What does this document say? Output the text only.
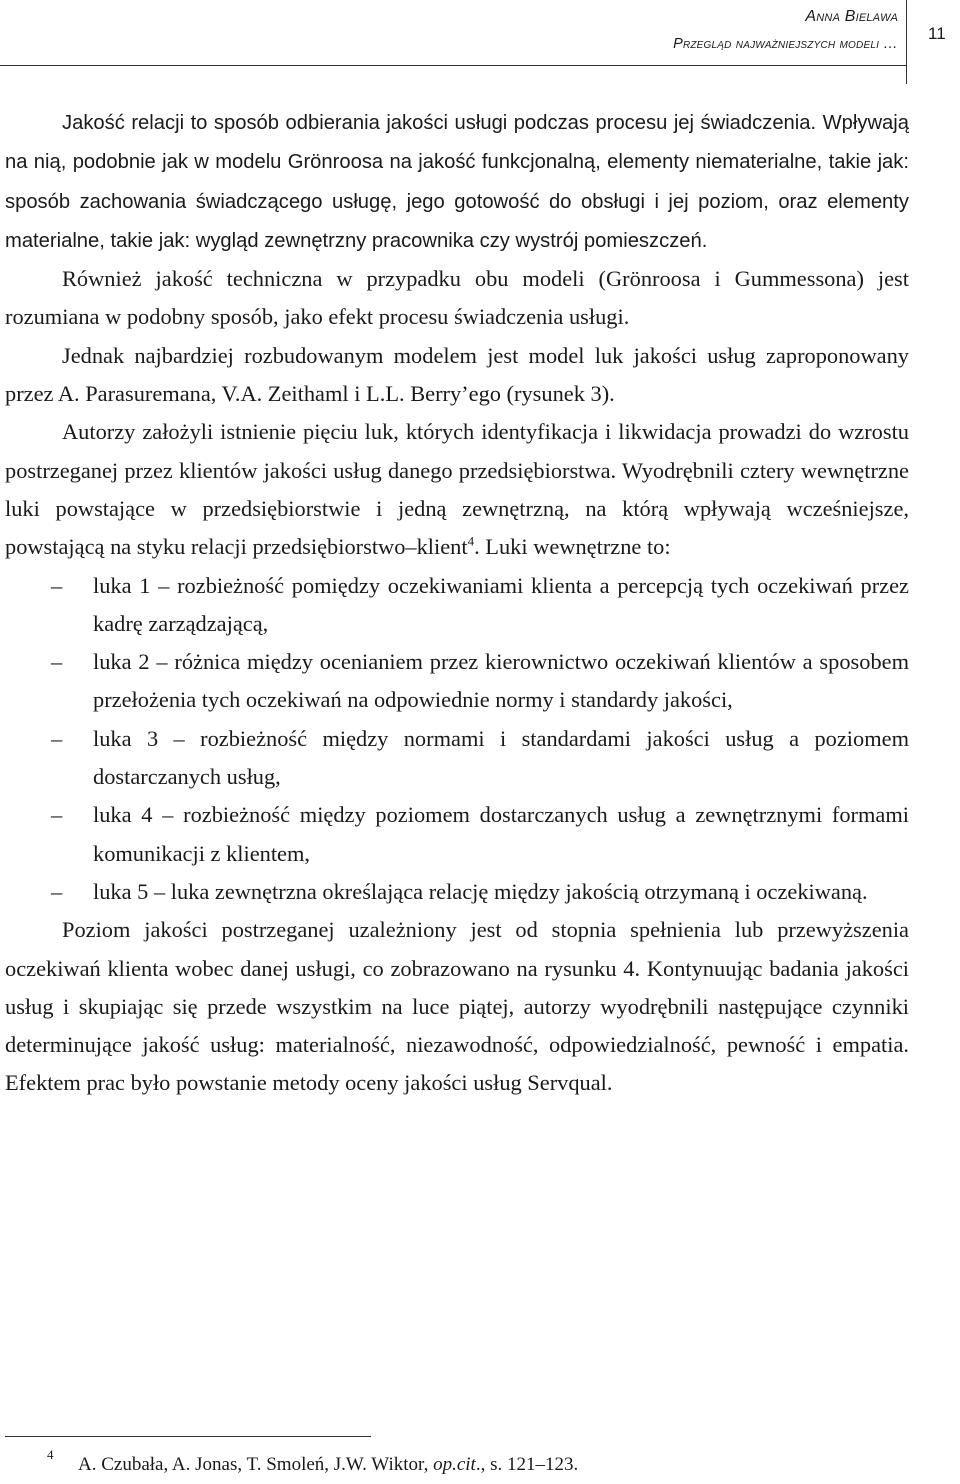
Anna Bielawa
Przegląd najważniejszych modeli …
11

Jakość relacji to sposób odbierania jakości usługi podczas procesu jej świadczenia. Wpływają na nią, podobnie jak w modelu Grönroosa na jakość funkcjonalną, elementy niematerialne, takie jak: sposób zachowania świadczącego usługę, jego gotowość do obsługi i jej poziom, oraz elementy materialne, takie jak: wygląd zewnętrzny pracownika czy wystrój pomieszczeń.

Również jakość techniczna w przypadku obu modeli (Grönroosa i Gummessona) jest rozumiana w podobny sposób, jako efekt procesu świadczenia usługi.

Jednak najbardziej rozbudowanym modelem jest model luk jakości usług zaproponowany przez A. Parasuremana, V.A. Zeithaml i L.L. Berry’ego (rysunek 3).

Autorzy założyli istnienie pięciu luk, których identyfikacja i likwidacja prowadzi do wzrostu postrzeganej przez klientów jakości usług danego przedsiębiorstwa. Wyodrębnili cztery wewnętrzne luki powstające w przedsiębiorstwie i jedną zewnętrzną, na którą wpływają wcześniejsze, powstającą na styku relacji przedsiębiorstwo–klient$^4$. Luki wewnętrzne to:

– luka 1 – rozbieżność pomiędzy oczekiwaniami klienta a percepcją tych oczekiwań przez kadrę zarządzającą,
– luka 2 – różnica między ocenianiem przez kierownictwo oczekiwań klientów a sposobem przełożenia tych oczekiwań na odpowiednie normy i standardy jakości,
– luka 3 – rozbieżność między normami i standardami jakości usług a poziomem dostarczanych usług,
– luka 4 – rozbieżność między poziomem dostarczanych usług a zewnętrznymi formami komunikacji z klientem,
– luka 5 – luka zewnętrzna określająca relację między jakością otrzymaną i oczekiwaną.

Poziom jakości postrzeganej uzależniony jest od stopnia spełnienia lub przewyższenia oczekiwań klienta wobec danej usługi, co zobrazowano na rysunku 4. Kontynuując badania jakości usług i skupiając się przede wszystkim na luce piątej, autorzy wyodrębnili następujące czynniki determinujące jakość usług: materialność, niezawodność, odpowiedzialność, pewność i empatia. Efektem prac było powstanie metody oceny jakości usług Servqual.

4 A. Czubała, A. Jonas, T. Smoleń, J.W. Wiktor, op.cit., s. 121–123.
